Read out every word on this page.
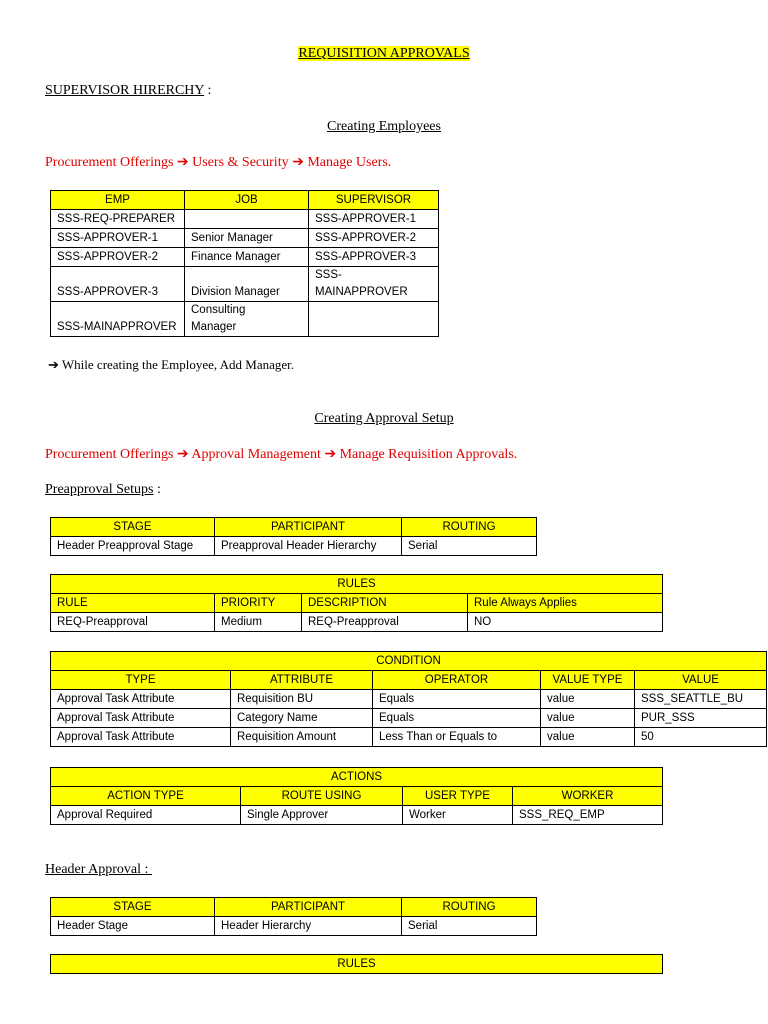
REQUISITION APPROVALS
SUPERVISOR HIRERCHY :
Creating Employees
Procurement Offerings ➔ Users & Security ➔ Manage Users.
EMP	JOB	SUPERVISOR
SSS-REQ-PREPARER		SSS-APPROVER-1
SSS-APPROVER-1	Senior Manager	SSS-APPROVER-2
SSS-APPROVER-2	Finance Manager	SSS-APPROVER-3
SSS-APPROVER-3	Division Manager	SSS-
MAINAPPROVER
SSS-MAINAPPROVER	Consulting
Manager	
➔ While creating the Employee, Add Manager.
Creating Approval Setup
Procurement Offerings ➔ Approval Management ➔ Manage Requisition Approvals.
Preapproval Setups :
STAGE	PARTICIPANT	ROUTING
Header Preapproval Stage	Preapproval Header Hierarchy	Serial
RULES			
RULE	PRIORITY	DESCRIPTION	Rule Always Applies
REQ-Preapproval	Medium	REQ-Preapproval	NO
CONDITION				
TYPE	ATTRIBUTE	OPERATOR	VALUE TYPE	VALUE
Approval Task Attribute	Requisition BU	Equals	value	SSS_SEATTLE_BU
Approval Task Attribute	Category Name	Equals	value	PUR_SSS
Approval Task Attribute	Requisition Amount	Less Than or Equals to	value	50
ACTIONS			
ACTION TYPE	ROUTE USING	USER TYPE	WORKER
Approval Required	Single Approver	Worker	SSS_REQ_EMP
Header Approval :
STAGE	PARTICIPANT	ROUTING
Header Stage	Header Hierarchy	Serial
RULES
